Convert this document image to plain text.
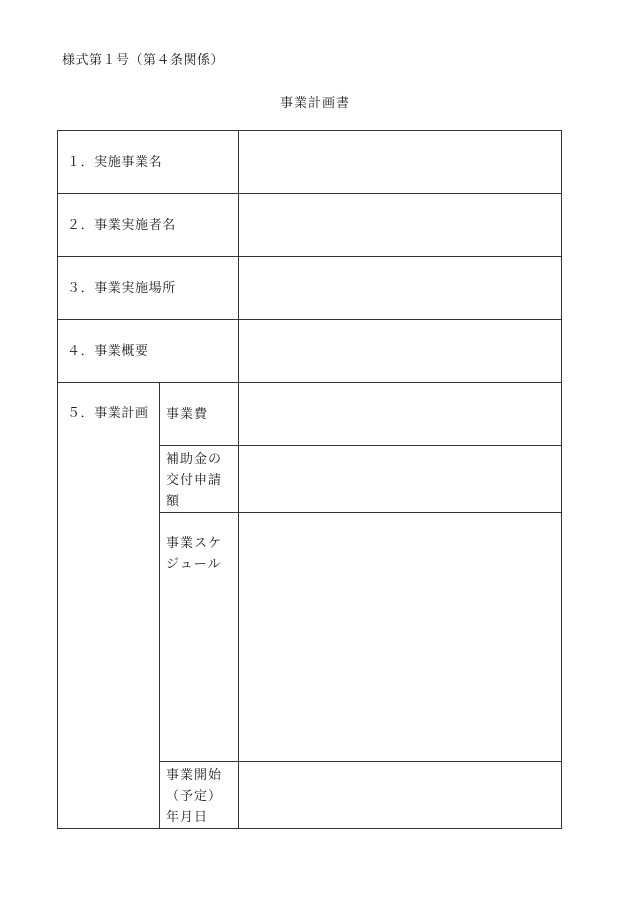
様式第１号（第４条関係）
事業計画書
１．実施事業名		
２．事業実施者名		
３．事業実施場所		
４．事業概要		
５．事業計画	事業費	

	補助金の
交付申請
額	

	事業スケ
ジュール	

	事業開始
（予定）
年月日	
